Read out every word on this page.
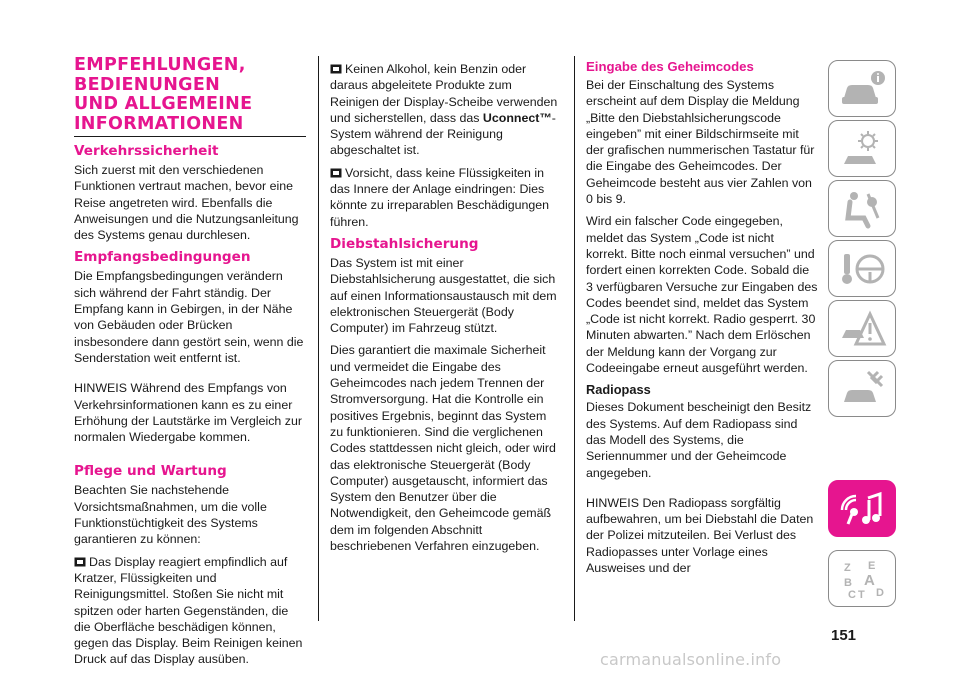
EMPFEHLUNGEN,
BEDIENUNGEN
UND ALLGEMEINE
INFORMATIONEN
Verkehrssicherheit

Sich zuerst mit den verschiedenen Funktionen vertraut machen, bevor eine Reise angetreten wird. Ebenfalls die Anweisungen und die Nutzungsanleitung des Systems genau durchlesen.

Empfangsbedingungen

Die Empfangsbedingungen verändern sich während der Fahrt ständig. Der Empfang kann in Gebirgen, in der Nähe von Gebäuden oder Brücken insbesondere dann gestört sein, wenn die Senderstation weit entfernt ist.

HINWEIS Während des Empfangs von Verkehrsinformationen kann es zu einer Erhöhung der Lautstärke im Vergleich zur normalen Wiedergabe kommen.

Pflege und Wartung

Beachten Sie nachstehende Vorsichtsmaßnahmen, um die volle Funktionstüchtigkeit des Systems garantieren zu können:

Das Display reagiert empfindlich auf Kratzer, Flüssigkeiten und Reinigungsmittel. Stoßen Sie nicht mit spitzen oder harten Gegenständen, die die Oberfläche beschädigen können, gegen das Display. Beim Reinigen keinen Druck auf das Display ausüben.

Keinen Alkohol, kein Benzin oder daraus abgeleitete Produkte zum Reinigen der Display-Scheibe verwenden und sicherstellen, dass das Uconnect™-System während der Reinigung abgeschaltet ist.

Vorsicht, dass keine Flüssigkeiten in das Innere der Anlage eindringen: Dies könnte zu irreparablen Beschädigungen führen.

Diebstahlsicherung

Das System ist mit einer Diebstahlsicherung ausgestattet, die sich auf einen Informationsaustausch mit dem elektronischen Steuergerät (Body Computer) im Fahrzeug stützt.

Dies garantiert die maximale Sicherheit und vermeidet die Eingabe des Geheimcodes nach jedem Trennen der Stromversorgung. Hat die Kontrolle ein positives Ergebnis, beginnt das System zu funktionieren. Sind die verglichenen Codes stattdessen nicht gleich, oder wird das elektronische Steuergerät (Body Computer) ausgetauscht, informiert das System den Benutzer über die Notwendigkeit, den Geheimcode gemäß dem im folgenden Abschnitt beschriebenen Verfahren einzugeben.

Eingabe des Geheimcodes

Bei der Einschaltung des Systems erscheint auf dem Display die Meldung „Bitte den Diebstahlsicherungscode eingeben” mit einer Bildschirmseite mit der grafischen nummerischen Tastatur für die Eingabe des Geheimcodes. Der Geheimcode besteht aus vier Zahlen von 0 bis 9.

Wird ein falscher Code eingegeben, meldet das System „Code ist nicht korrekt. Bitte noch einmal versuchen” und fordert einen korrekten Code. Sobald die 3 verfügbaren Versuche zur Eingaben des Codes beendet sind, meldet das System „Code ist nicht korrekt. Radio gesperrt. 30 Minuten abwarten.” Nach dem Erlöschen der Meldung kann der Vorgang zur Codeeingabe erneut ausgeführt werden.

Radiopass

Dieses Dokument bescheinigt den Besitz des Systems. Auf dem Radiopass sind das Modell des Systems, die Seriennummer und der Geheimcode angegeben.

HINWEIS Den Radiopass sorgfältig aufbewahren, um bei Diebstahl die Daten der Polizei mitzuteilen. Bei Verlust des Radiopasses unter Vorlage eines Ausweises und der	Z E
B A
C T D
151
carmanualsonline.info
